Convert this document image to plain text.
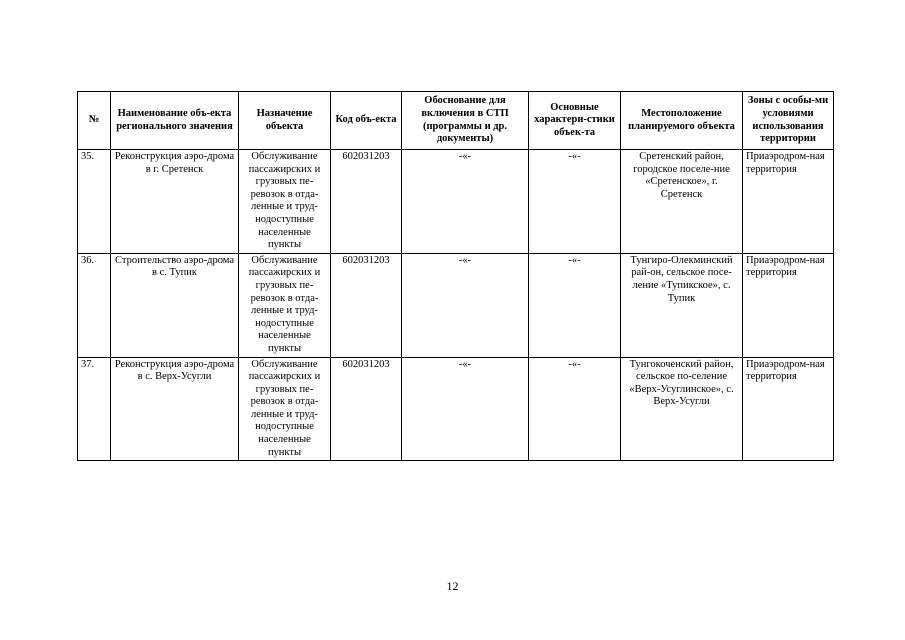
№	Наименование объ-екта регионального значения	Назначение объекта	Код объ-екта	Обоснование для включения в СТП (программы и др. документы)	Основные характери-стики объек-та	Местоположение планируемого объекта	Зоны с особы-ми условиями использования территории
35.	Реконструкция аэро-дрома в г. Сретенск	Обслуживание пассажирских и грузовых пе-ревозок в отда-ленные и труд-нодоступные населенные пункты	602031203	-«-	-«-	Сретенский район, городское поселе-ние «Сретенское», г. Сретенск	Приаэродром-ная территория
36.	Строительство аэро-дрома в с. Тупик	Обслуживание пассажирских и грузовых пе-ревозок в отда-ленные и труд-нодоступные населенные пункты	602031203	-«-	-«-	Тунгиро-Олекминский рай-он, сельское посе-ление «Тупикское», с. Тупик	Приаэродром-ная территория
37.	Реконструкция аэро-дрома в с. Верх-Усугли	Обслуживание пассажирских и грузовых пе-ревозок в отда-ленные и труд-нодоступные населенные пункты	602031203	-«-	-«-	Тунгокоченский район, сельское по-селение «Верх-Усуглинское», с. Верх-Усугли	Приаэродром-ная территория
12
